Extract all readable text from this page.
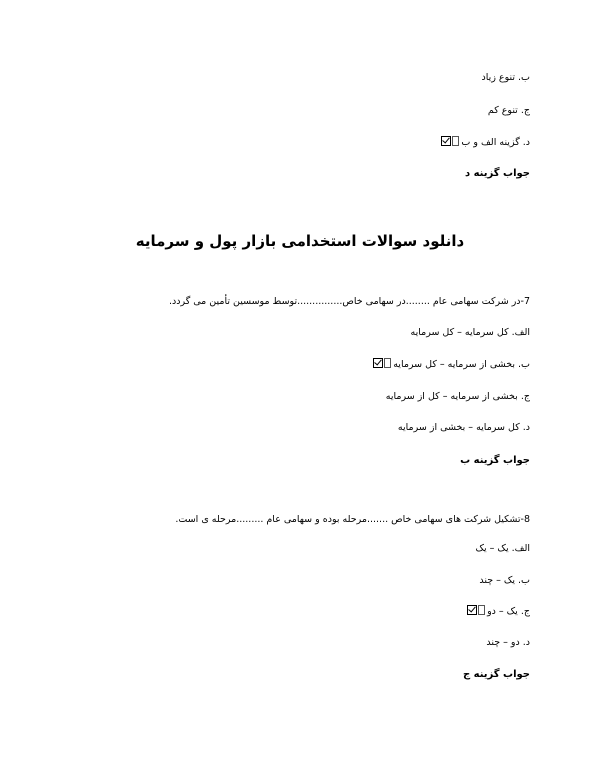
ب. تنوع زیاد
ج. تنوع کم
د. گزینه الف و ب
جواب گزینه د
دانلود سوالات استخدامی بازار پول و سرمایه
7-در شرکت سهامی عام ........در سهامی خاص...............توسط موسسین تأمین می گردد.
الف. کل سرمایه – کل سرمایه
ب. بخشی از سرمایه – کل سرمایه
ج. بخشی از سرمایه – کل از سرمایه
د. کل سرمایه – بخشی از سرمایه
جواب گزینه ب
8-تشکیل شرکت های سهامی خاص .......مرحله بوده و سهامی عام .........مرحله ی است.
الف. یک – یک
ب. یک – چند
ج. یک – دو
د. دو – چند
جواب گزینه ج
